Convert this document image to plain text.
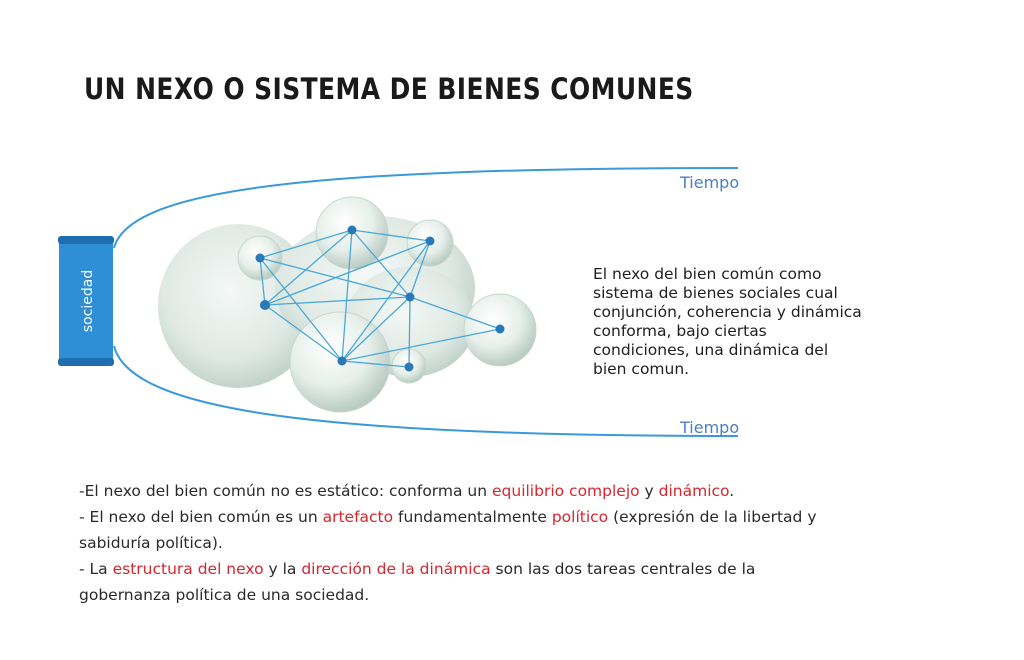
UN NEXO O SISTEMA DE BIENES COMUNES
sociedad
Tiempo
Tiempo
El nexo del bien común como sistema de bienes sociales cual conjunción, coherencia y dinámica conforma, bajo ciertas condiciones, una dinámica del bien comun.

-El nexo del bien común no es estático: conforma un equilibrio complejo y dinámico.

- El nexo del bien común es un artefacto fundamentalmente político (expresión de la libertad y sabiduría política).

- La estructura del nexo y la dirección de la dinámica son las dos tareas centrales de la gobernanza política de una sociedad.
